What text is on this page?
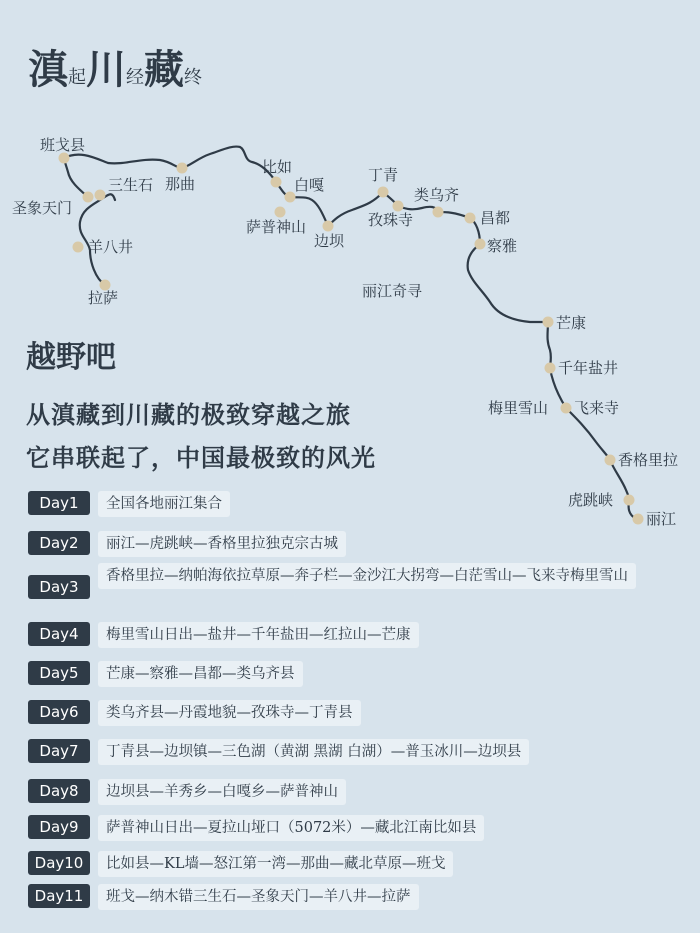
滇起川经藏终
班戈县
圣象天门
三生石
羊八井
拉萨
那曲
比如
白嘎
萨普神山
边坝
丁青
孜珠寺
类乌齐
昌都
察雅
丽江奇寻
芒康
千年盐井
梅里雪山 飞来寺
香格里拉
虎跳峡
丽江
越野吧
从滇藏到川藏的极致穿越之旅
它串联起了，中国最极致的风光
Day1	全国各地丽江集合
Day2	丽江—虎跳峡—香格里拉独克宗古城
Day3
香格里拉—纳帕海依拉草原—奔子栏—金沙江大拐弯—白茫雪山—飞来寺梅里雪山
Day4	梅里雪山日出—盐井—千年盐田—红拉山—芒康
Day5	芒康—察雅—昌都—类乌齐县
Day6	类乌齐县—丹霞地貌—孜珠寺—丁青县
Day7	丁青县—边坝镇—三色湖（黄湖 黑湖 白湖）—普玉冰川—边坝县
Day8	边坝县—羊秀乡—白嘎乡—萨普神山
Day9	萨普神山日出—夏拉山垭口（5072米）—藏北江南比如县
Day10	比如县—KL墙—怒江第一湾—那曲—藏北草原—班戈
Day11	班戈—纳木错三生石—圣象天门—羊八井—拉萨
